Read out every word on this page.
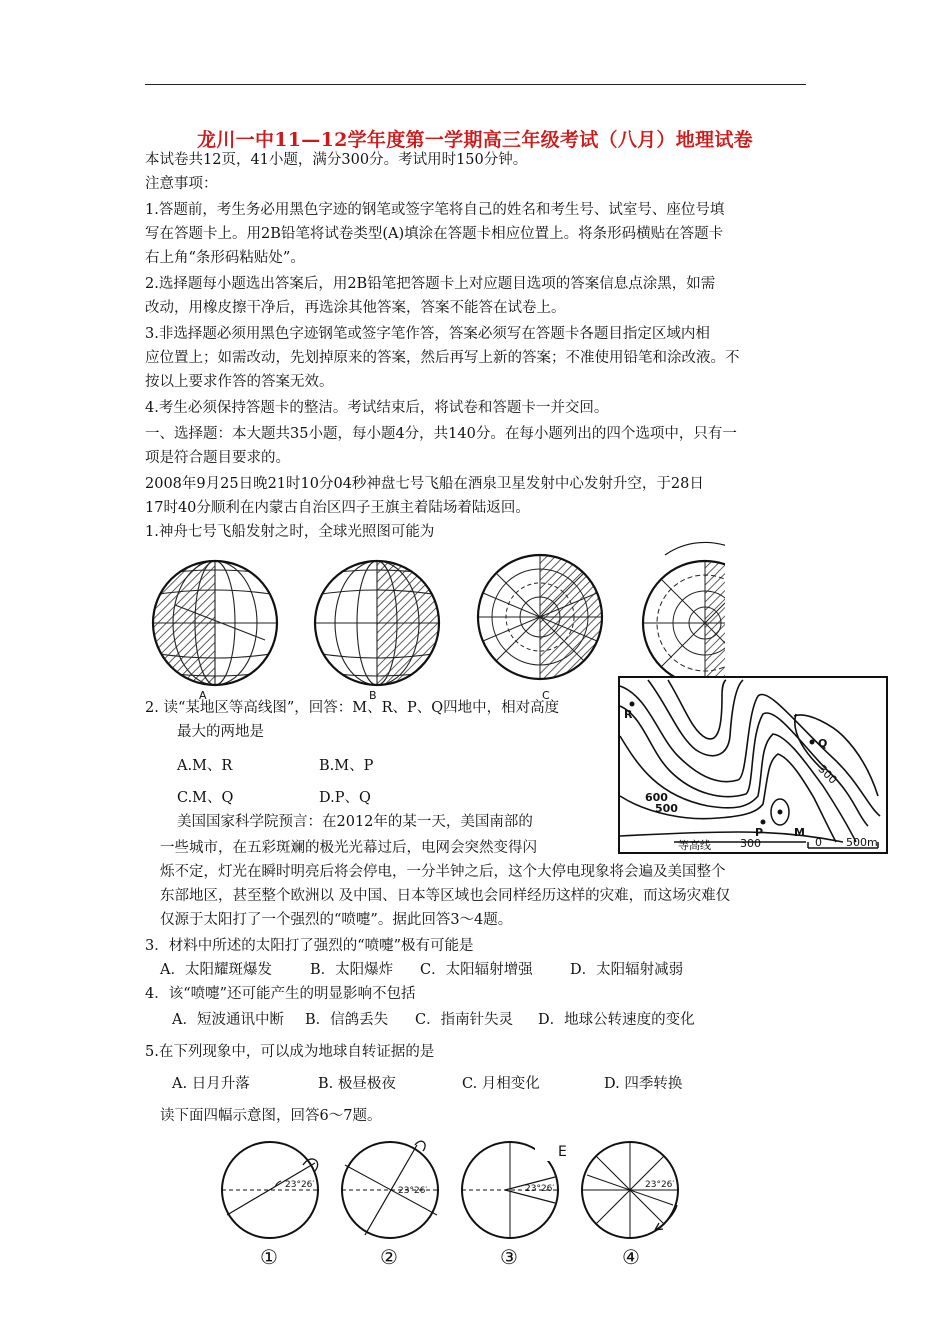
龙川一中11—12学年度第一学期高三年级考试（八月）地理试卷
本试卷共12页，41小题，满分300分。考试用时150分钟。
注意事项：
1.答题前，考生务必用黑色字迹的钢笔或签字笔将自己的姓名和考生号、试室号、座位号填
写在答题卡上。用2B铅笔将试卷类型(A)填涂在答题卡相应位置上。将条形码横贴在答题卡
右上角“条形码粘贴处”。
2.选择题每小题选出答案后，用2B铅笔把答题卡上对应题目选项的答案信息点涂黑，如需
改动，用橡皮擦干净后，再选涂其他答案，答案不能答在试卷上。
3.非选择题必须用黑色字迹钢笔或签字笔作答，答案必须写在答题卡各题目指定区域内相
应位置上；如需改动，先划掉原来的答案，然后再写上新的答案；不准使用铅笔和涂改液。不
按以上要求作答的答案无效。
4.考生必须保持答题卡的整洁。考试结束后，将试卷和答题卡一并交回。
一、选择题：本大题共35小题，每小题4分，共140分。在每小题列出的四个选项中，只有一
项是符合题目要求的。
2008年9月25日晚21时10分04秒神盘七号飞船在酒泉卫星发射中心发射升空，于28日
17时40分顺利在内蒙古自治区四子王旗主着陆场着陆返回。
1.神舟七号飞船发射之时，全球光照图可能为
A	B	C
2. 读“某地区等高线图”，回答：M、R、P、Q四地中，相对高度
最大的两地是
A.M、R	B.M、P
C.M、Q	D.P、Q
R
Q
P	M
300
600
500
等高线	300	0 500m
美国国家科学院预言：在2012年的某一天，美国南部的
一些城市，在五彩斑斓的极光光幕过后，电网会突然变得闪
烁不定，灯光在瞬时明亮后将会停电，一分半钟之后，这个大停电现象将会遍及美国整个
东部地区，甚至整个欧洲以 及中国、日本等区域也会同样经历这样的灾难，而这场灾难仅
仅源于太阳打了一个强烈的“喷嚏”。据此回答3～4题。
3．材料中所述的太阳打了强烈的“喷嚏”极有可能是
A．太阳耀斑爆发	B．太阳爆炸 C．太阳辐射增强	D．太阳辐射减弱
4．该“喷嚏”还可能产生的明显影响不包括
A．短波通讯中断 B．信鸽丢失 C．指南针失灵 D．地球公转速度的变化
5.在下列现象中，可以成为地球自转证据的是
A. 日月升落	B. 极昼极夜	C. 月相变化	D. 四季转换
读下面四幅示意图，回答6～7题。
23°26′
23°26′	23°26′	23°26′
E
①	②	③	④
